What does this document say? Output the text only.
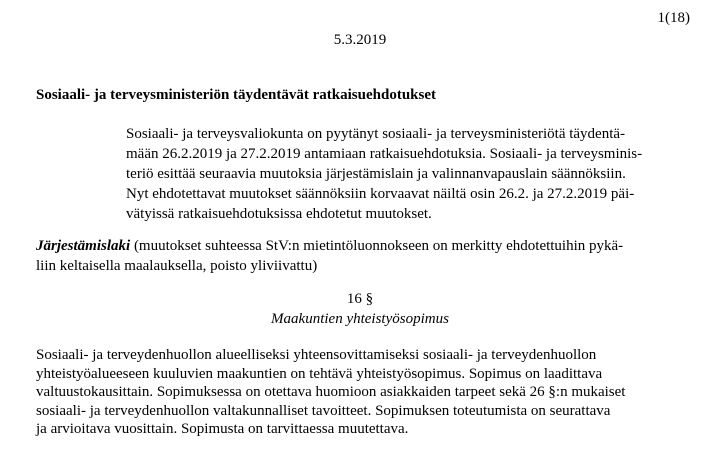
1(18)
5.3.2019
Sosiaali- ja terveysministeriön täydentävät ratkaisuehdotukset
Sosiaali- ja terveysvaliokunta on pyytänyt sosiaali- ja terveysministeriötä täydentä-
mään 26.2.2019 ja 27.2.2019 antamiaan ratkaisuehdotuksia. Sosiaali- ja terveysminis-
teriö esittää seuraavia muutoksia järjestämislain ja valinnanvapauslain säännöksiin.
Nyt ehdotettavat muutokset säännöksiin korvaavat näiltä osin 26.2. ja 27.2.2019 päi-
vätyissä ratkaisuehdotuksissa ehdotetut muutokset.
Järjestämislaki (muutokset suhteessa StV:n mietintöluonnokseen on merkitty ehdotettuihin pykä-
liin keltaisella maalauksella, poisto yliviivattu)
16 §
Maakuntien yhteistyösopimus
Sosiaali- ja terveydenhuollon alueelliseksi yhteensovittamiseksi sosiaali- ja terveydenhuollon
yhteistyöalueeseen kuuluvien maakuntien on tehtävä yhteistyösopimus. Sopimus on laadittava
valtuustokausittain. Sopimuksessa on otettava huomioon asiakkaiden tarpeet sekä 26 §:n mukaiset
sosiaali- ja terveydenhuollon valtakunnalliset tavoitteet. Sopimuksen toteutumista on seurattava
ja arvioitava vuosittain. Sopimusta on tarvittaessa muutettava.
